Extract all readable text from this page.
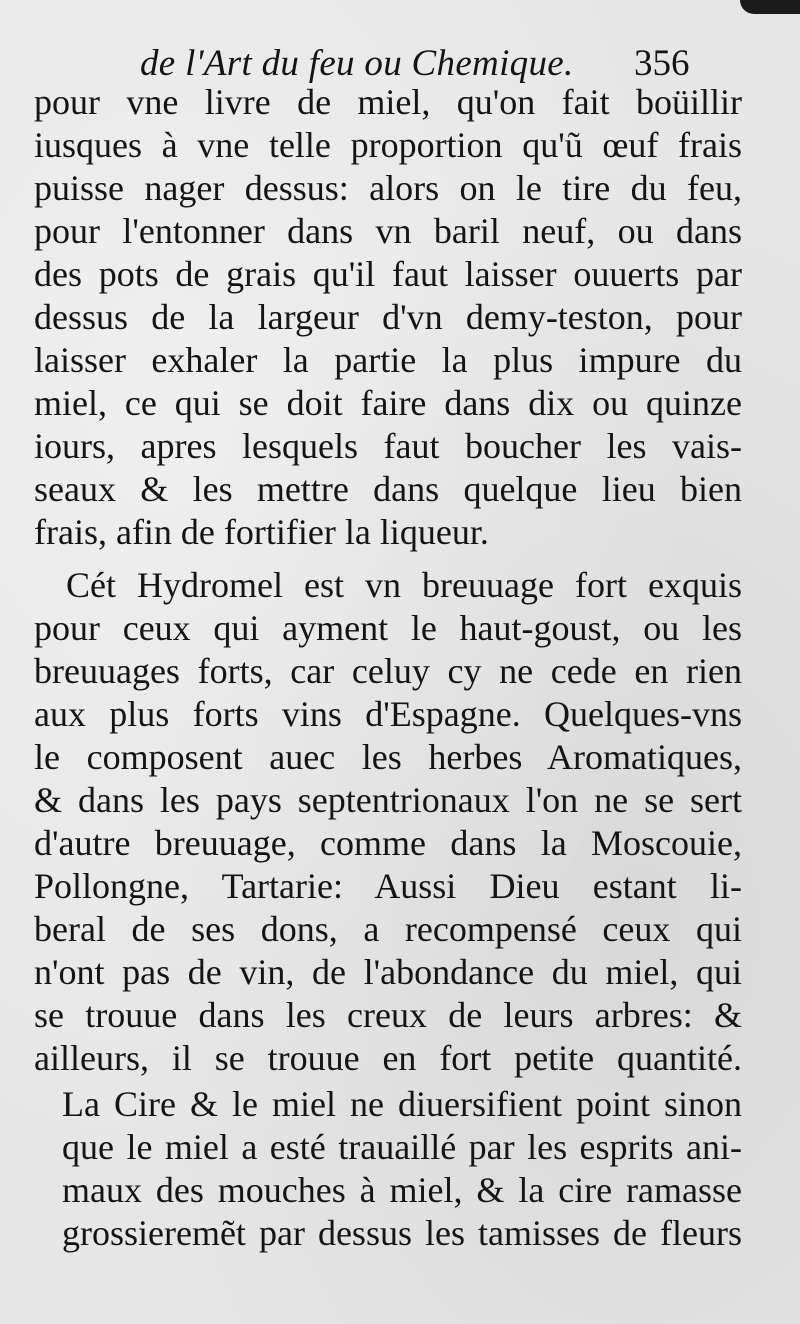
de l'Art du feu ou Chemique. 356
pour vne livre de miel, qu'on fait boüillir
iusques à vne telle proportion qu'ũ œuf frais
puisse nager dessus: alors on le tire du feu,
pour l'entonner dans vn baril neuf, ou dans
des pots de grais qu'il faut laisser ouuerts par
dessus de la largeur d'vn demy-teston, pour
laisser exhaler la partie la plus impure du
miel, ce qui se doit faire dans dix ou quinze
iours, apres lesquels faut boucher les vais-
seaux & les mettre dans quelque lieu bien
frais, afin de fortifier la liqueur.
Cét Hydromel est vn breuuage fort exquis
pour ceux qui ayment le haut-goust, ou les
breuuages forts, car celuy cy ne cede en rien
aux plus forts vins d'Espagne. Quelques-vns
le composent auec les herbes Aromatiques,
& dans les pays septentrionaux l'on ne se sert
d'autre breuuage, comme dans la Moscouie,
Pollongne, Tartarie: Aussi Dieu estant li-
beral de ses dons, a recompensé ceux qui
n'ont pas de vin, de l'abondance du miel, qui
se trouue dans les creux de leurs arbres: &
ailleurs, il se trouue en fort petite quantité.
La Cire & le miel ne diuersifient point sinon
que le miel a esté trauaillé par les esprits ani-
maux des mouches à miel, & la cire ramasse
grossieremẽt par dessus les tamisses de fleurs
